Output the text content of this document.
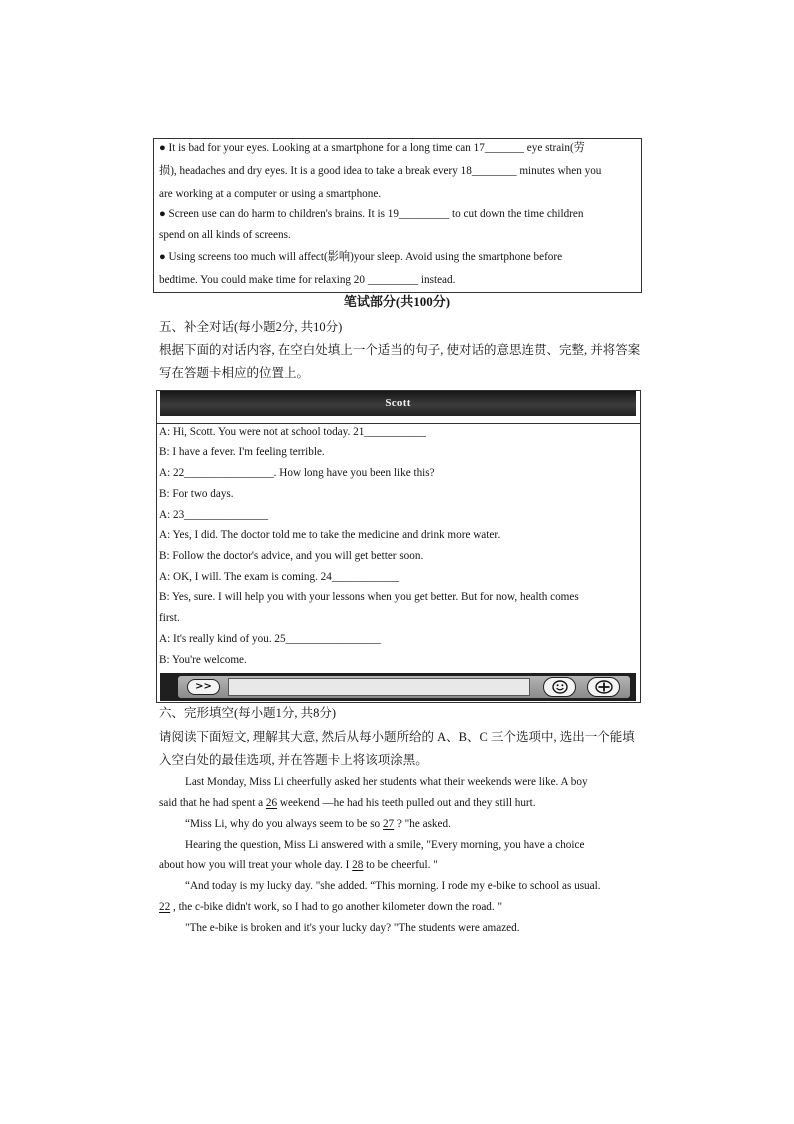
● It is bad for your eyes. Looking at a smartphone for a long time can 17_______ eye strain(劳
损), headaches and dry eyes. It is a good idea to take a break every 18________ minutes when you
are working at a computer or using a smartphone.
● Screen use can do harm to children's brains. It is 19_________ to cut down the time children
spend on all kinds of screens.
● Using screens too much will affect(影响)your sleep. Avoid using the smartphone before
bedtime. You could make time for relaxing 20 _________ instead.
笔试部分(共100分)
五、补全对话(每小题2分, 共10分)
根据下面的对话内容, 在空白处填上一个适当的句子, 使对话的意思连贯、完整, 并将答案
写在答题卡相应的位置上。
Scott
A: Hi, Scott. You were not at school today. 21___________
B: I have a fever. I'm feeling terrible.
A: 22________________. How long have you been like this?
B: For two days.
A: 23_______________
A: Yes, I did. The doctor told me to take the medicine and drink more water.
B: Follow the doctor's advice, and you will get better soon.
A: OK, I will. The exam is coming. 24____________
B: Yes, sure. I will help you with your lessons when you get better. But for now, health comes
first.
A: It's really kind of you. 25_________________
B: You're welcome.
>>
六、完形填空(每小题1分, 共8分)
请阅读下面短文, 理解其大意, 然后从每小题所给的 A、B、C 三个选项中, 选出一个能填
入空白处的最佳选项, 并在答题卡上将该项涂黑。
Last Monday, Miss Li cheerfully asked her students what their weekends were like. A boy
said that he had spent a 26 weekend —he had his teeth pulled out and they still hurt.
“Miss Li, why do you always seem to be so 27 ? "he asked.
Hearing the question, Miss Li answered with a smile, "Every morning, you have a choice
about how you will treat your whole day. I 28 to be cheerful. "
“And today is my lucky day. "she added. “This morning. I rode my e-bike to school as usual.
22 , the c-bike didn't work, so I had to go another kilometer down the road. "
"The e-bike is broken and it's your lucky day? "The students were amazed.
